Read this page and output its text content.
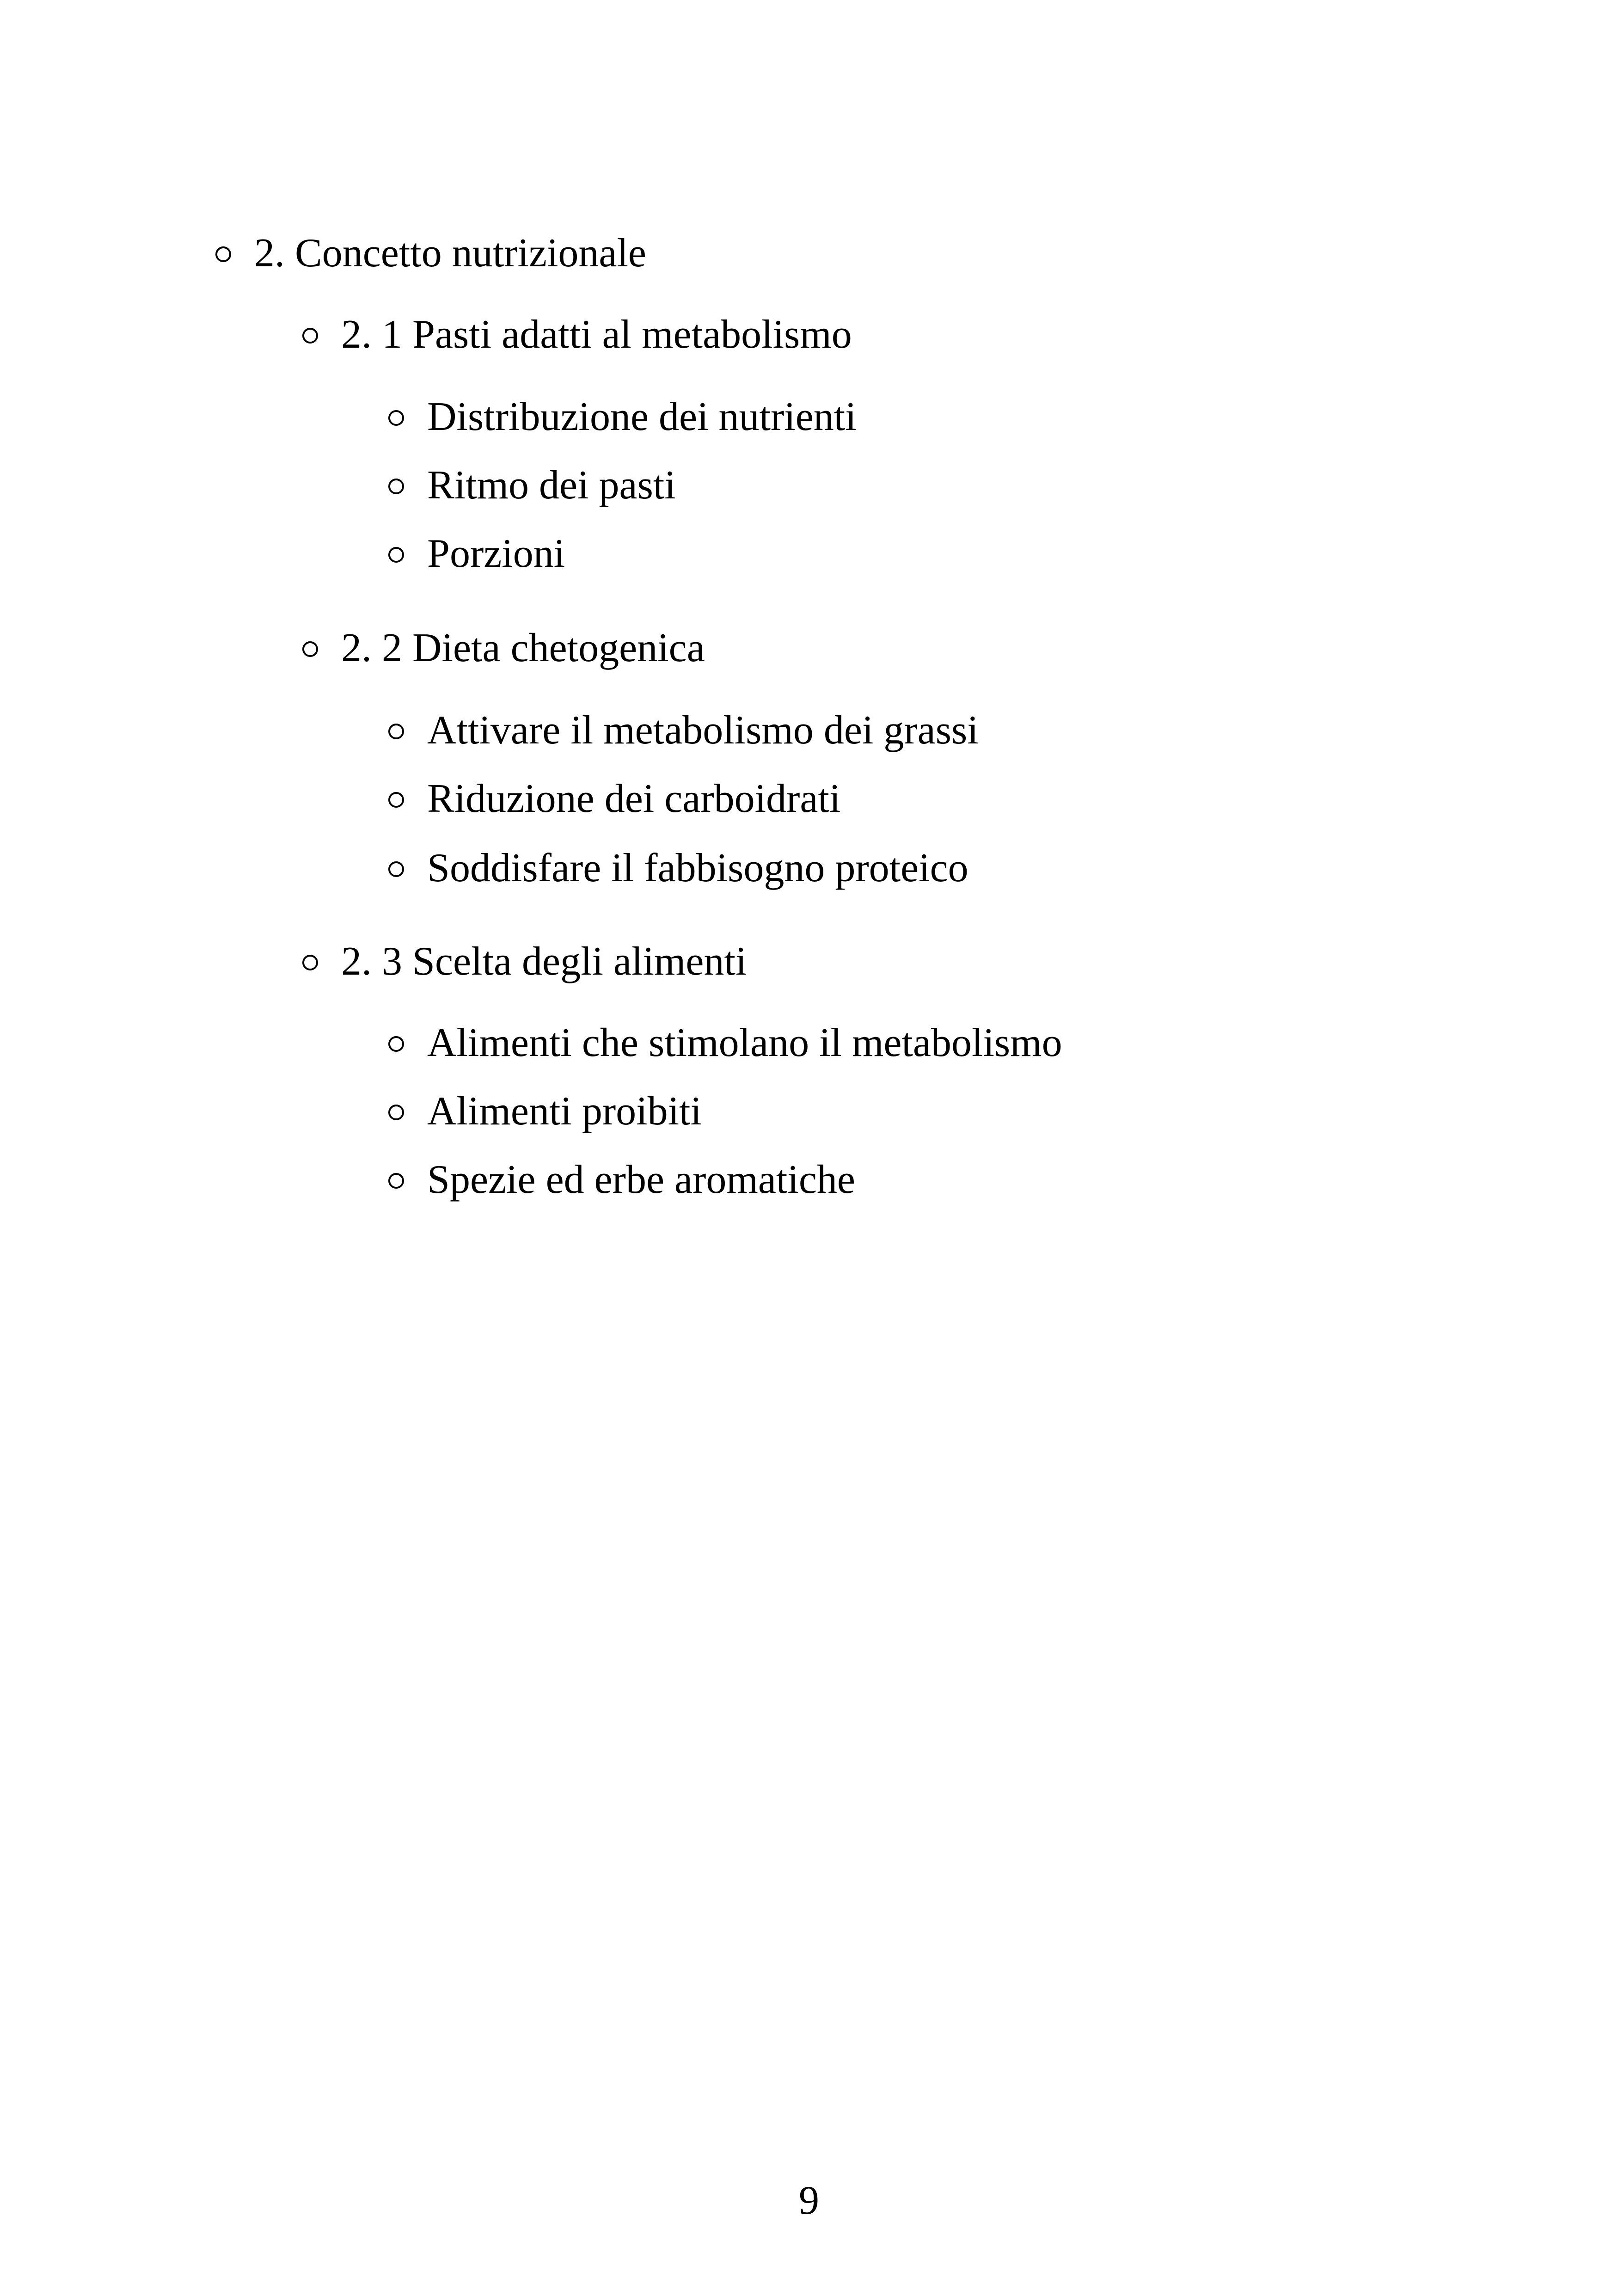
2. Concetto nutrizionale
2. 1 Pasti adatti al metabolismo
Distribuzione dei nutrienti
Ritmo dei pasti
Porzioni
2. 2 Dieta chetogenica
Attivare il metabolismo dei grassi
Riduzione dei carboidrati
Soddisfare il fabbisogno proteico
2. 3 Scelta degli alimenti
Alimenti che stimolano il metabolismo
Alimenti proibiti
Spezie ed erbe aromatiche
9
